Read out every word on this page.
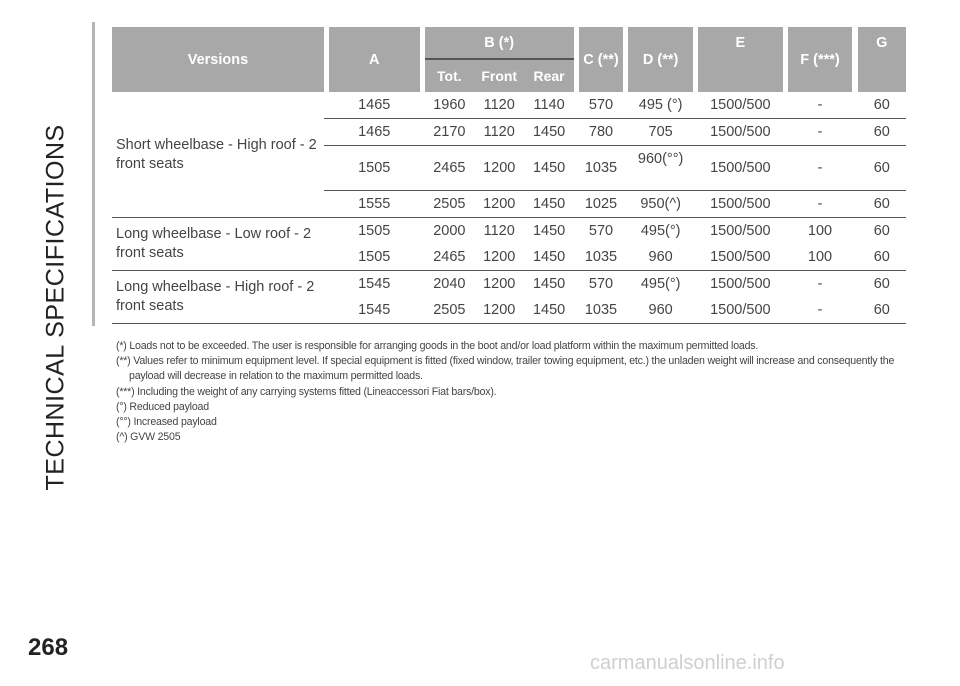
TECHNICAL SPECIFICATIONS
Versions		A		B (*)				C (**)		D (**)		E		F (***)		G
				Tot.	Front	Rear										
Short wheelbase - High roof - 2 front seats		1465		1960	1120	1140		570		495 (°)		1500/500		-		60
		1465		2170	1120	1450		780		705		1500/500		-		60
		1505		2465	1200	1450		1035		960(°°)		1500/500		-		60
		1555		2505	1200	1450		1025		950(^)		1500/500		-		60
Long wheelbase - Low roof - 2 front seats		1505		2000	1120	1450		570		495(°)		1500/500		100		60
		1505		2465	1200	1450		1035		960		1500/500		100		60
Long wheelbase - High roof - 2 front seats		1545		2040	1200	1450		570		495(°)		1500/500		-		60
		1545		2505	1200	1450		1035		960		1500/500		-		60

(*) Loads not to be exceeded. The user is responsible for arranging goods in the boot and/or load platform within the maximum permitted loads.

(**) Values refer to minimum equipment level. If special equipment is fitted (fixed window, trailer towing equipment, etc.) the unladen weight will increase and consequently the payload will decrease in relation to the maximum permitted loads.

(***) Including the weight of any carrying systems fitted (Lineaccessori Fiat bars/box).

(°) Reduced payload

(°°) Increased payload

(^) GVW 2505

268
carmanualsonline.info
